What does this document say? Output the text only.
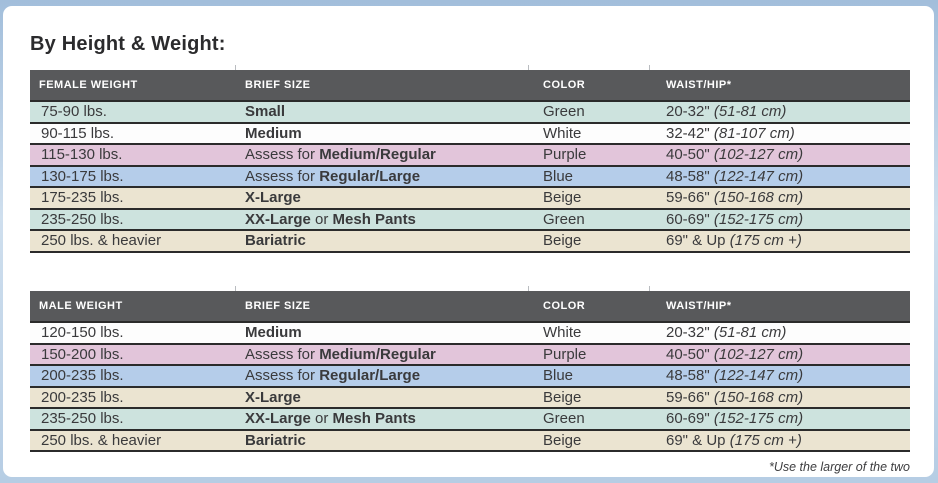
By Height & Weight:
FEMALE WEIGHT	BRIEF SIZE	COLOR	WAIST/HIP*
75-90 lbs.	Small	Green	20-32" (51-81 cm)
90-115 lbs.	Medium	White	32-42" (81-107 cm)
115-130 lbs.	Assess for Medium/Regular	Purple	40-50" (102-127 cm)
130-175 lbs.	Assess for Regular/Large	Blue	48-58" (122-147 cm)
175-235 lbs.	X-Large	Beige	59-66" (150-168 cm)
235-250 lbs.	XX-Large or Mesh Pants	Green	60-69" (152-175 cm)
250 lbs. & heavier	Bariatric	Beige	69" & Up (175 cm +)
MALE WEIGHT	BRIEF SIZE	COLOR	WAIST/HIP*
120-150 lbs.	Medium	White	20-32" (51-81 cm)
150-200 lbs.	Assess for Medium/Regular	Purple	40-50" (102-127 cm)
200-235 lbs.	Assess for Regular/Large	Blue	48-58" (122-147 cm)
200-235 lbs.	X-Large	Beige	59-66" (150-168 cm)
235-250 lbs.	XX-Large or Mesh Pants	Green	60-69" (152-175 cm)
250 lbs. & heavier	Bariatric	Beige	69" & Up (175 cm +)
*Use the larger of the two
